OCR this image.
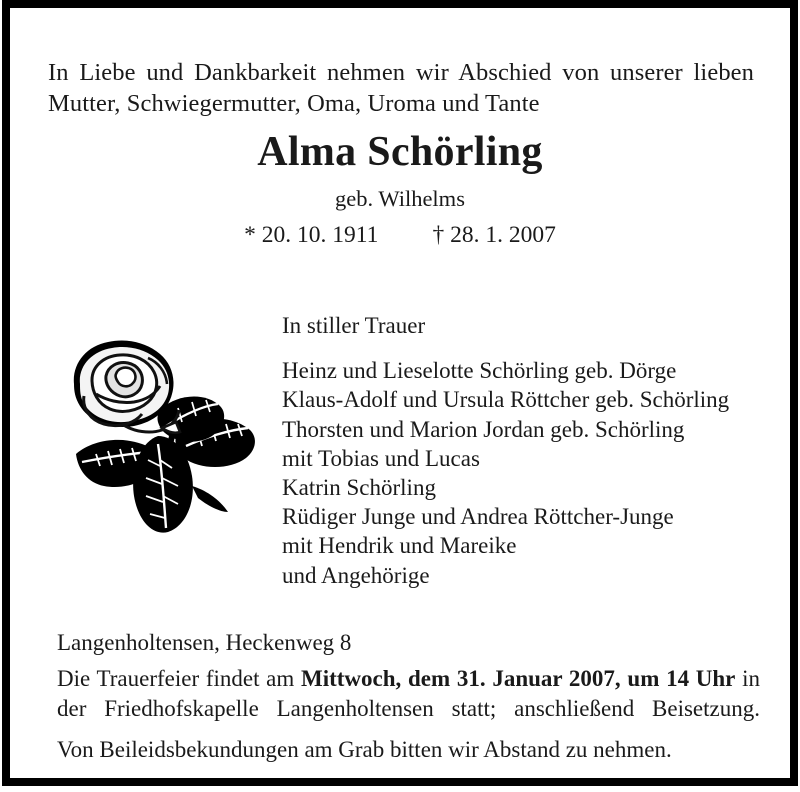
In Liebe und Dankbarkeit nehmen wir Abschied von unserer lieben Mutter, Schwiegermutter, Oma, Uroma und Tante

Alma Schörling
geb. Wilhelms
* 20. 10. 1911 † 28. 1. 2007
In stiller Trauer
Heinz und Lieselotte Schörling geb. Dörge
Klaus-Adolf und Ursula Röttcher geb. Schörling
Thorsten und Marion Jordan geb. Schörling
mit Tobias und Lucas
Katrin Schörling
Rüdiger Junge und Andrea Röttcher-Junge
mit Hendrik und Mareike
und Angehörige
Langenholtensen, Heckenweg 8
Die Trauerfeier findet am Mittwoch, dem 31. Januar 2007, um 14 Uhr in der Friedhofskapelle Langenholtensen statt; anschließend Beisetzung.
Von Beileidsbekundungen am Grab bitten wir Abstand zu nehmen.
